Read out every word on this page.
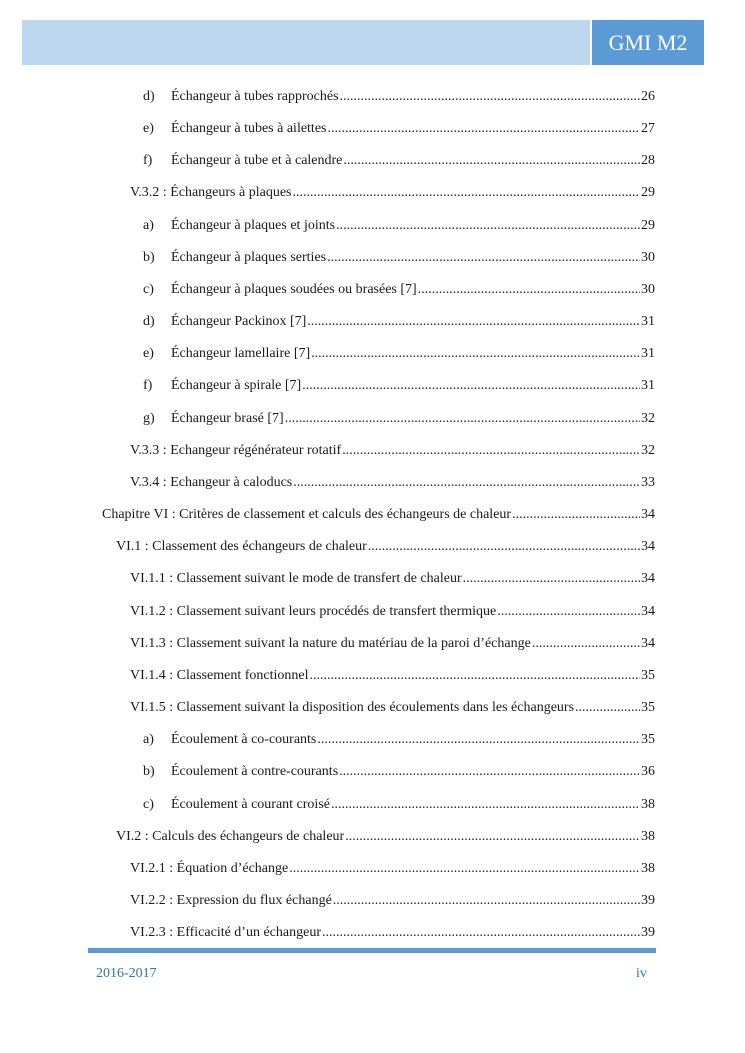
GMI M2
d)	Échangeur à tubes rapprochés .....	26
e)	Échangeur à tubes à ailettes .....	27
f)	Échangeur à tube et à calendre .....	28
V.3.2 : Échangeurs à plaques .....	29
a)	Échangeur à plaques et joints .....	29
b)	Échangeur à plaques serties .....	30
c)	Échangeur à plaques soudées ou brasées [7] .....	30
d)	Échangeur Packinox [7] .....	31
e)	Échangeur lamellaire [7] .....	31
f)	Échangeur à spirale [7] .....	31
g)	Échangeur brasé [7] .....	32
V.3.3 : Echangeur régénérateur rotatif .....	32
V.3.4 : Echangeur à caloducs .....	33
Chapitre VI : Critères de classement et calculs des échangeurs de chaleur .....	34
VI.1 : Classement des échangeurs de chaleur .....	34
VI.1.1 : Classement suivant le mode de transfert de chaleur .....	34
VI.1.2 : Classement suivant leurs procédés de transfert thermique .....	34
VI.1.3 : Classement suivant la nature du matériau de la paroi d’échange .....	34
VI.1.4 : Classement fonctionnel .....	35
VI.1.5 : Classement suivant la disposition des écoulements dans les échangeurs .....	35
a)	Écoulement à co-courants .....	35
b)	Écoulement à contre-courants .....	36
c)	Écoulement à courant croisé .....	38
VI.2 : Calculs des échangeurs de chaleur .....	38
VI.2.1 : Équation d’échange .....	38
VI.2.2 : Expression du flux échangé .....	39
VI.2.3 : Efficacité d’un échangeur .....	39
2016-2017	iv
